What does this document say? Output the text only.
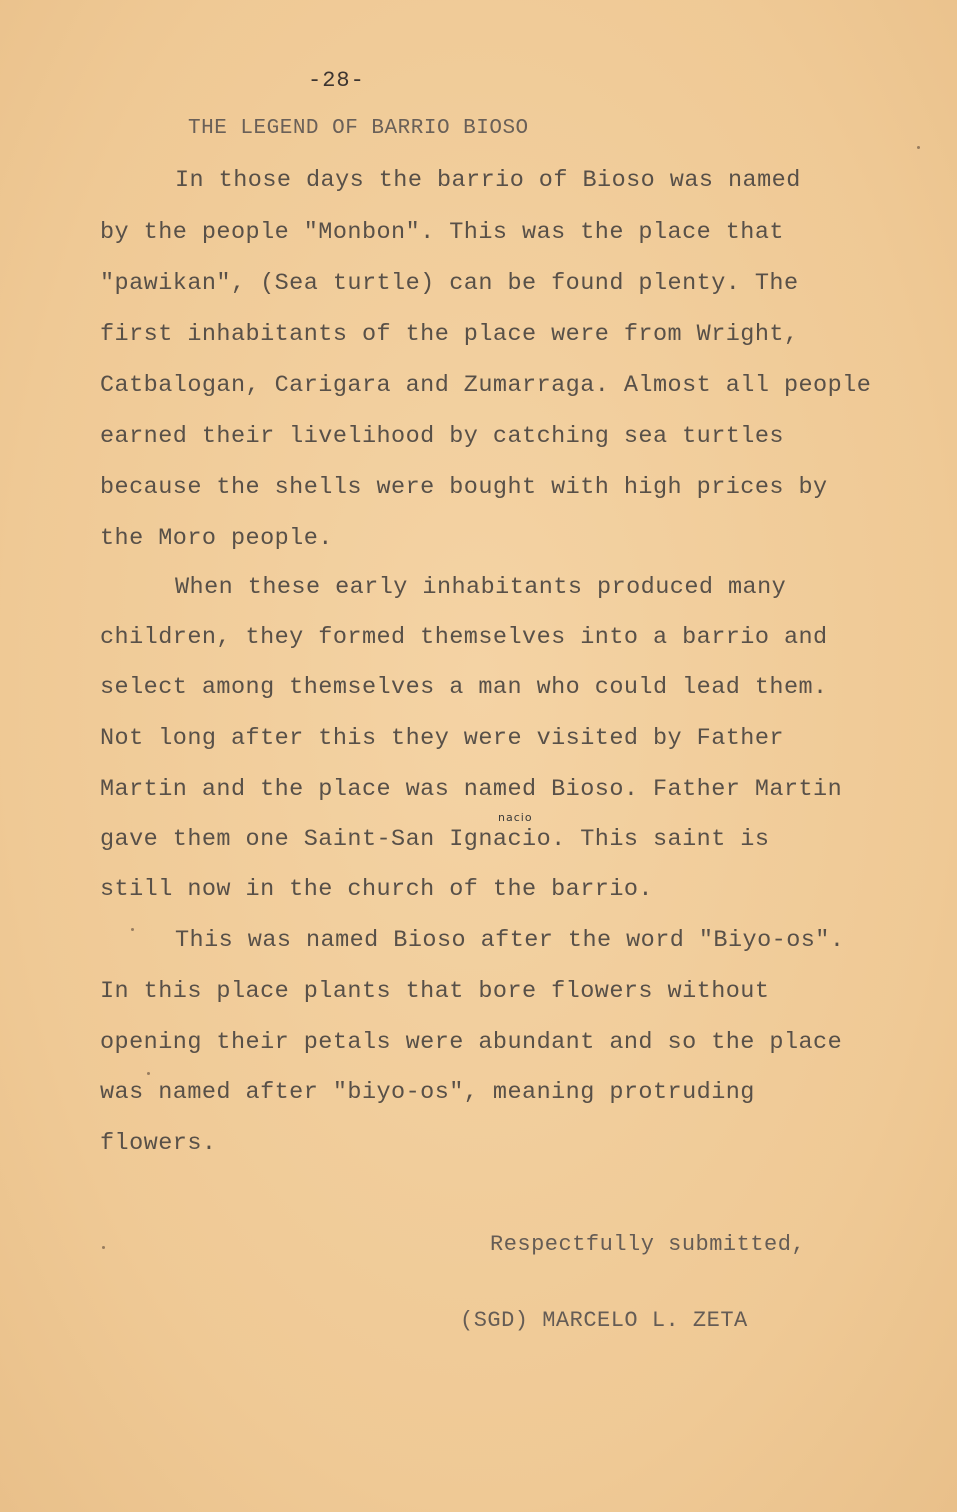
-28-
THE LEGEND OF BARRIO BIOSO
In those days the barrio of Bioso was named
by the people "Monbon". This was the place that
"pawikan", (Sea turtle) can be found plenty. The
first inhabitants of the place were from Wright,
Catbalogan, Carigara and Zumarraga. Almost all people
earned their livelihood by catching sea turtles
because the shells were bought with high prices by
the Moro people.
When these early inhabitants produced many
children, they formed themselves into a barrio and
select among themselves a man who could lead them.
Not long after this they were visited by Father
Martin and the place was named Bioso. Father Martin
gave them one Saint-San Ignacio. This saint is
still now in the church of the barrio.
This was named Bioso after the word "Biyo-os".
In this place plants that bore flowers without
opening their petals were abundant and so the place
was named after "biyo-os", meaning protruding
flowers.
nacio
Respectfully submitted,
(SGD) MARCELO L. ZETA
